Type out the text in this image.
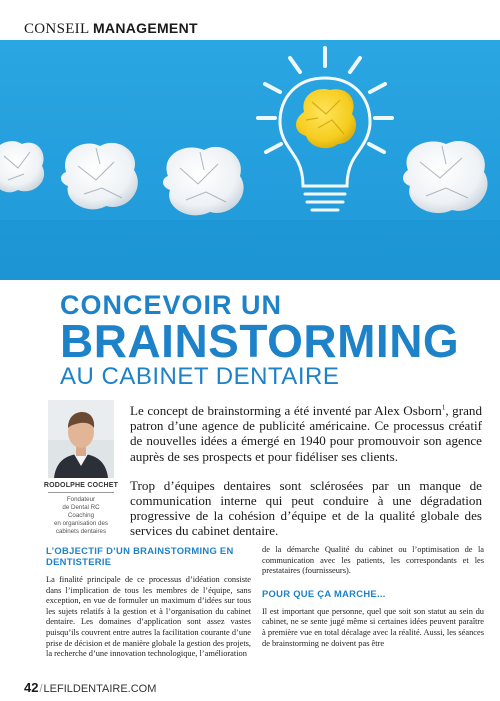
CONSEIL MANAGEMENT
CONCEVOIR UN
BRAINSTORMING
AU CABINET DENTAIRE
RODOLPHE COCHET
Fondateur
de Dental RC
Coaching
en organisation des
cabinets dentaires

Le concept de brainstorming a été inventé par Alex Osborn$^1$, grand patron d’une agence de publicité américaine. Ce processus créatif de nouvelles idées a émergé en 1940 pour promouvoir son agence auprès de ses prospects et pour fidéliser ses clients.

Trop d’équipes dentaires sont sclérosées par un manque de communication interne qui peut conduire à une dégradation progressive de la cohésion d’équipe et de la qualité globale des services du cabinet dentaire.

L’OBJECTIF D’UN BRAINSTORMING EN DENTISTERIE
La finalité principale de ce processus d’idéation consiste dans l’implication de tous les membres de l’équipe, sans exception, en vue de formuler un maximum d’idées sur tous les sujets relatifs à la gestion et à l’organisation du cabinet dentaire. Les domaines d’application sont assez vastes puisqu’ils couvrent entre autres la facilitation courante d’une prise de décision et de manière globale la gestion des projets, la recherche d’une innovation technologique, l’amélioration
de la démarche Qualité du cabinet ou l’optimisation de la communication avec les patients, les correspondants et les prestataires (fournisseurs).
POUR QUE ÇA MARCHE...
Il est important que personne, quel que soit son statut au sein du cabinet, ne se sente jugé même si certaines idées peuvent paraître à première vue en total décalage avec la réalité. Aussi, les séances de brainstorming ne doivent pas être
42/LEFILDENTAIRE.COM
